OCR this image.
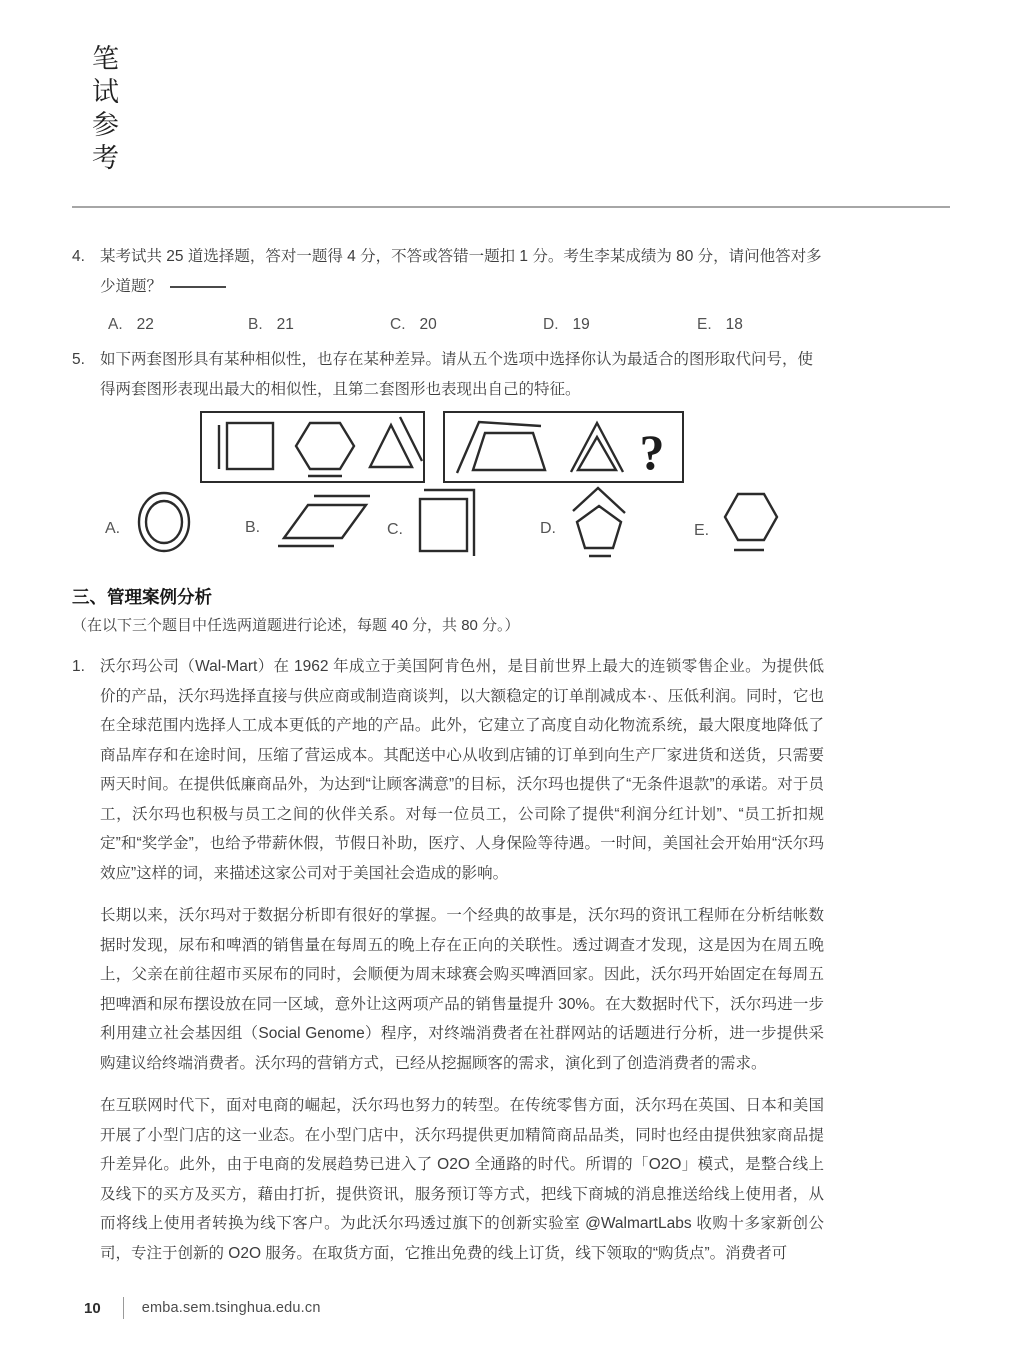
笔试参考
4. 某考试共 25 道选择题，答对一题得 4 分，不答或答错一题扣 1 分。考生李某成绩为 80 分，请问他答对多
少道题？
A. 22	B. 21	C. 20	D. 19	E. 18
5. 如下两套图形具有某种相似性，也存在某种差异。请从五个选项中选择你认为最适合的图形取代问号，使
得两套图形表现出最大的相似性，且第二套图形也表现出自己的特征。
?
A.	B.	C.	D.	E.
三、管理案例分析
（在以下三个题目中任选两道题进行论述，每题 40 分，共 80 分。）
1. 沃尔玛公司（Wal-Mart）在 1962 年成立于美国阿肯色州，是目前世界上最大的连锁零售企业。为提供低价的产品，沃尔玛选择直接与供应商或制造商谈判，以大额稳定的订单削减成本·、压低利润。同时，它也在全球范围内选择人工成本更低的产地的产品。此外，它建立了高度自动化物流系统，最大限度地降低了商品库存和在途时间，压缩了营运成本。其配送中心从收到店铺的订单到向生产厂家进货和送货，只需要两天时间。在提供低廉商品外，为达到“让顾客满意”的目标，沃尔玛也提供了“无条件退款”的承诺。对于员工，沃尔玛也积极与员工之间的伙伴关系。对每一位员工，公司除了提供“利润分红计划”、“员工折扣规定”和“奖学金”，也给予带薪休假，节假日补助，医疗、人身保险等待遇。一时间，美国社会开始用“沃尔玛效应”这样的词，来描述这家公司对于美国社会造成的影响。

长期以来，沃尔玛对于数据分析即有很好的掌握。一个经典的故事是，沃尔玛的资讯工程师在分析结帐数据时发现，尿布和啤酒的销售量在每周五的晚上存在正向的关联性。透过调查才发现，这是因为在周五晚上，父亲在前往超市买尿布的同时，会顺便为周末球赛会购买啤酒回家。因此，沃尔玛开始固定在每周五把啤酒和尿布摆设放在同一区域，意外让这两项产品的销售量提升 30%。在大数据时代下，沃尔玛进一步利用建立社会基因组（Social Genome）程序，对终端消费者在社群网站的话题进行分析，进一步提供采购建议给终端消费者。沃尔玛的营销方式，已经从挖掘顾客的需求，演化到了创造消费者的需求。

在互联网时代下，面对电商的崛起，沃尔玛也努力的转型。在传统零售方面，沃尔玛在英国、日本和美国开展了小型门店的这一业态。在小型门店中，沃尔玛提供更加精简商品品类，同时也经由提供独家商品提升差异化。此外，由于电商的发展趋势已进入了 O2O 全通路的时代。所谓的「O2O」模式，是整合线上及线下的买方及买方，藉由打折，提供资讯，服务预订等方式，把线下商城的消息推送给线上使用者，从而将线上使用者转换为线下客户。为此沃尔玛透过旗下的创新实验室 @WalmartLabs 收购十多家新创公司，专注于创新的 O2O 服务。在取货方面，它推出免费的线上订货，线下领取的“购货点”。消费者可

10	emba.sem.tsinghua.edu.cn
